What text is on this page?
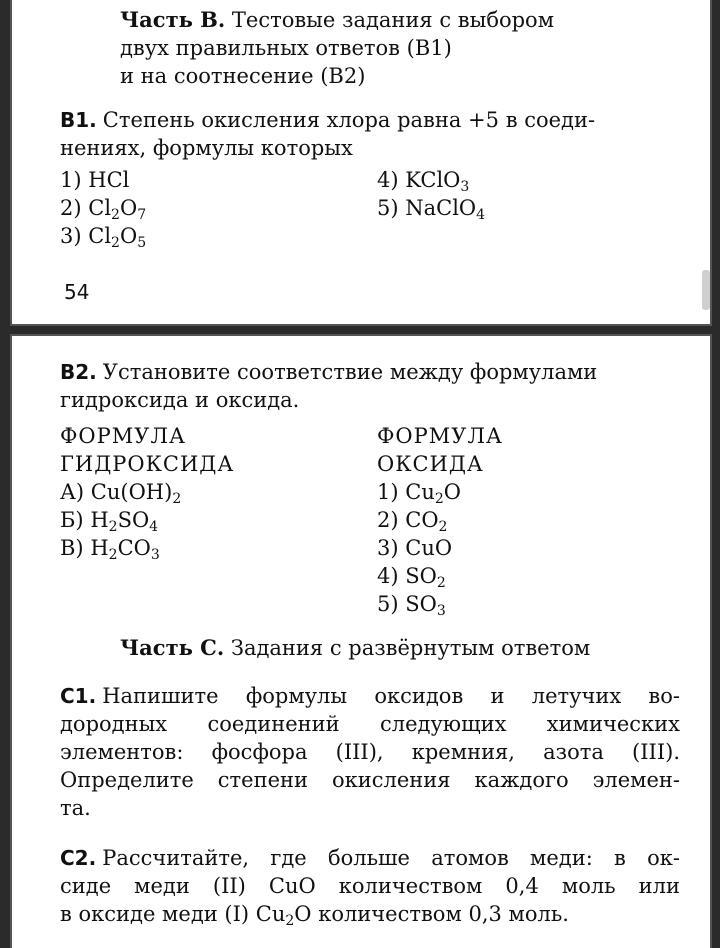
Часть В. Тестовые задания с выбором
двух правильных ответов (В1)
и на соотнесение (В2)
В1. Степень окисления хлора равна +5 в соеди-
нениях, формулы которых
1) HCl
2) $Cl_2O_7$
3) $Cl_2O_5$
4) KClO$_3$
5) NaClO$_4$
54
В2. Установите соответствие между формулами
гидроксида и оксида.
ФОРМУЛА
ГИДРОКСИДА
ФОРМУЛА
ОКСИДА
А) $Cu(OH)_2$
Б) $H_2SO_4$
В) $H_2CO_3$
1) $Cu_2O$
2) $CO_2$
3) CuO
4) $SO_2$
5) $SO_3$
Часть С. Задания с развёрнутым ответом
С1. Напишите формулы оксидов и летучих во-
дородных соединений следующих химических
элементов: фосфора (III), кремния, азота (III).
Определите степени окисления каждого элемен-
та.
С2. Рассчитайте, где больше атомов меди: в ок-
сиде меди (II) CuO количеством 0,4 моль или
в оксиде меди (I) $Cu_2O$ количеством 0,3 моль.
